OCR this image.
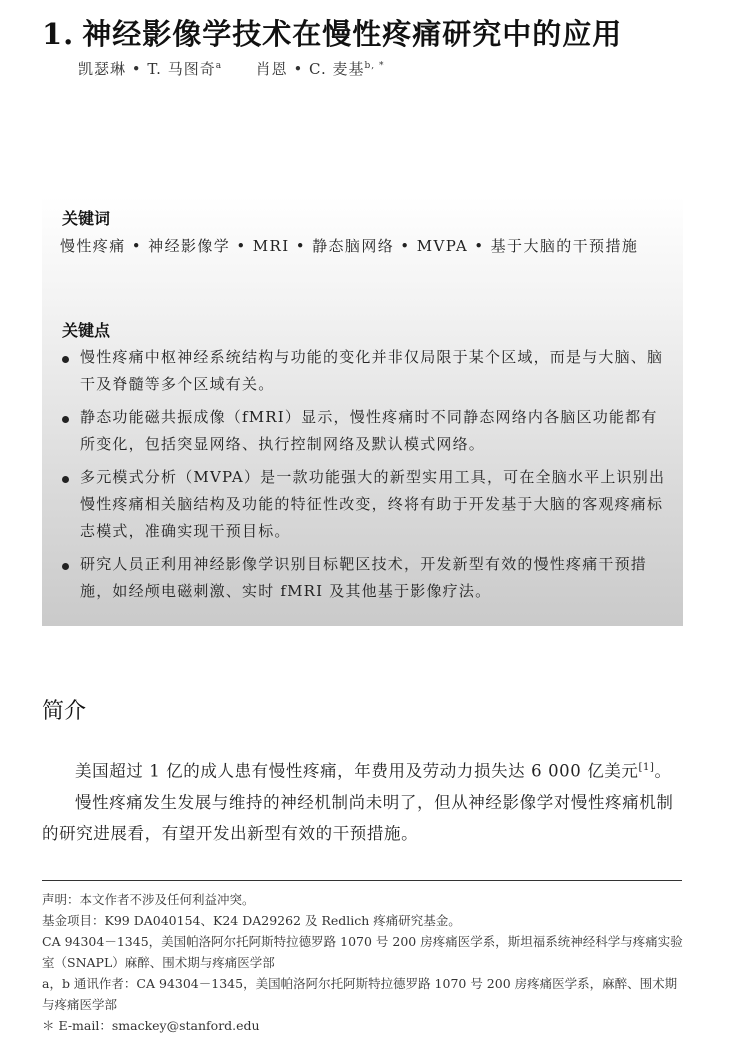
1. 神经影像学技术在慢性疼痛研究中的应用
凯瑟琳 • T. 马图奇$^a$ 肖恩 • C. 麦基$^{b, *}$
关键词
慢性疼痛 • 神经影像学 • MRI • 静态脑网络 • MVPA • 基于大脑的干预措施
关键点
慢性疼痛中枢神经系统结构与功能的变化并非仅局限于某个区域，而是与大脑、脑干及脊髓等多个区域有关。
静态功能磁共振成像（fMRI）显示，慢性疼痛时不同静态网络内各脑区功能都有所变化，包括突显网络、执行控制网络及默认模式网络。
多元模式分析（MVPA）是一款功能强大的新型实用工具，可在全脑水平上识别出慢性疼痛相关脑结构及功能的特征性改变，终将有助于开发基于大脑的客观疼痛标志模式，准确实现干预目标。
研究人员正利用神经影像学识别目标靶区技术，开发新型有效的慢性疼痛干预措施，如经颅电磁刺激、实时 fMRI 及其他基于影像疗法。
简介

美国超过 1 亿的成人患有慢性疼痛，年费用及劳动力损失达 6 000 亿美元[1]。

慢性疼痛发生发展与维持的神经机制尚未明了，但从神经影像学对慢性疼痛机制的研究进展看，有望开发出新型有效的干预措施。

声明：本文作者不涉及任何利益冲突。
基金项目：K99 DA040154、K24 DA29262 及 Redlich 疼痛研究基金。
CA 94304－1345，美国帕洛阿尔托阿斯特拉德罗路 1070 号 200 房疼痛医学系，斯坦福系统神经科学与疼痛实验室（SNAPL）麻醉、围术期与疼痛医学部
a，b 通讯作者：CA 94304－1345，美国帕洛阿尔托阿斯特拉德罗路 1070 号 200 房疼痛医学系，麻醉、围术期与疼痛医学部
＊ E-mail：smackey@stanford.edu
